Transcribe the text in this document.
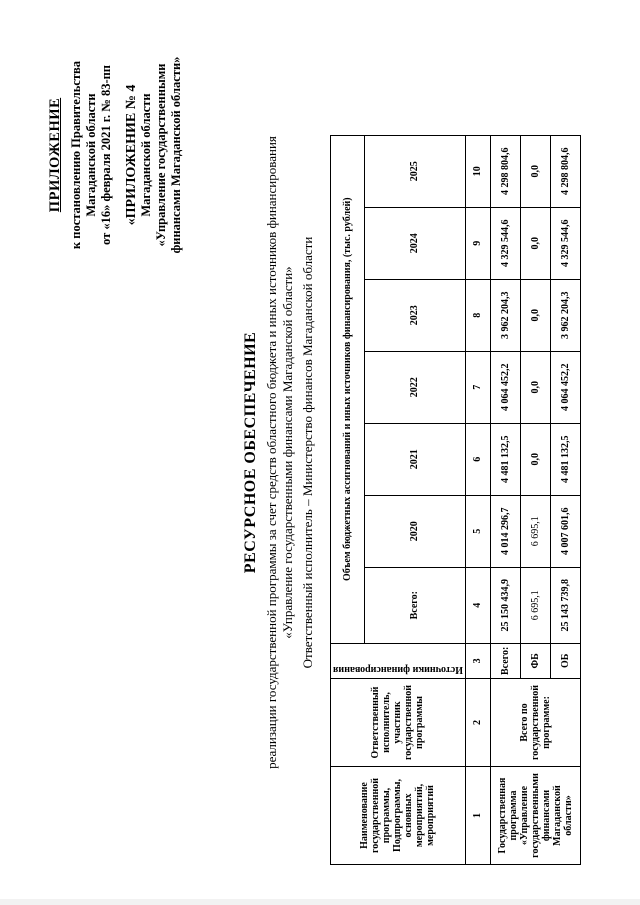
ПРИЛОЖЕНИЕ к постановлению Правительства Магаданской области от «16» февраля 2021 г. № 83-пп «ПРИЛОЖЕНИЕ № 4 Магаданской области «Управление государственными финансами Магаданской области»
РЕСУРСНОЕ ОБЕСПЕЧЕНИЕ реализации государственной программы за счет средств областного бюджета и иных источников финансирования «Управление государственными финансами Магаданской области» Ответственный исполнитель – Министерство финансов Магаданской области
Наименование государственной программы, Подпрограммы, основных мероприятий, мероприятий	Ответственный исполнитель, участник государственной программы	Источники финансирования	Объем бюджетных ассигнований и иных источников финансирования, (тыс. рублей)						
			Всего:	2020	2021	2022	2023	2024	2025
1	2	3	4	5	6	7	8	9	10
Государственная программа «Управление государственными финансами Магаданской области»	Всего по государственной программе:	Всего:	25 150 434,9	4 014 296,7	4 481 132,5	4 064 452,2	3 962 204,3	4 329 544,6	4 298 804,6
		ФБ	6 695,1	6 695,1	0,0	0,0	0,0	0,0	0,0
		ОБ	25 143 739,8	4 007 601,6	4 481 132,5	4 064 452,2	3 962 204,3	4 329 544,6	4 298 804,6
